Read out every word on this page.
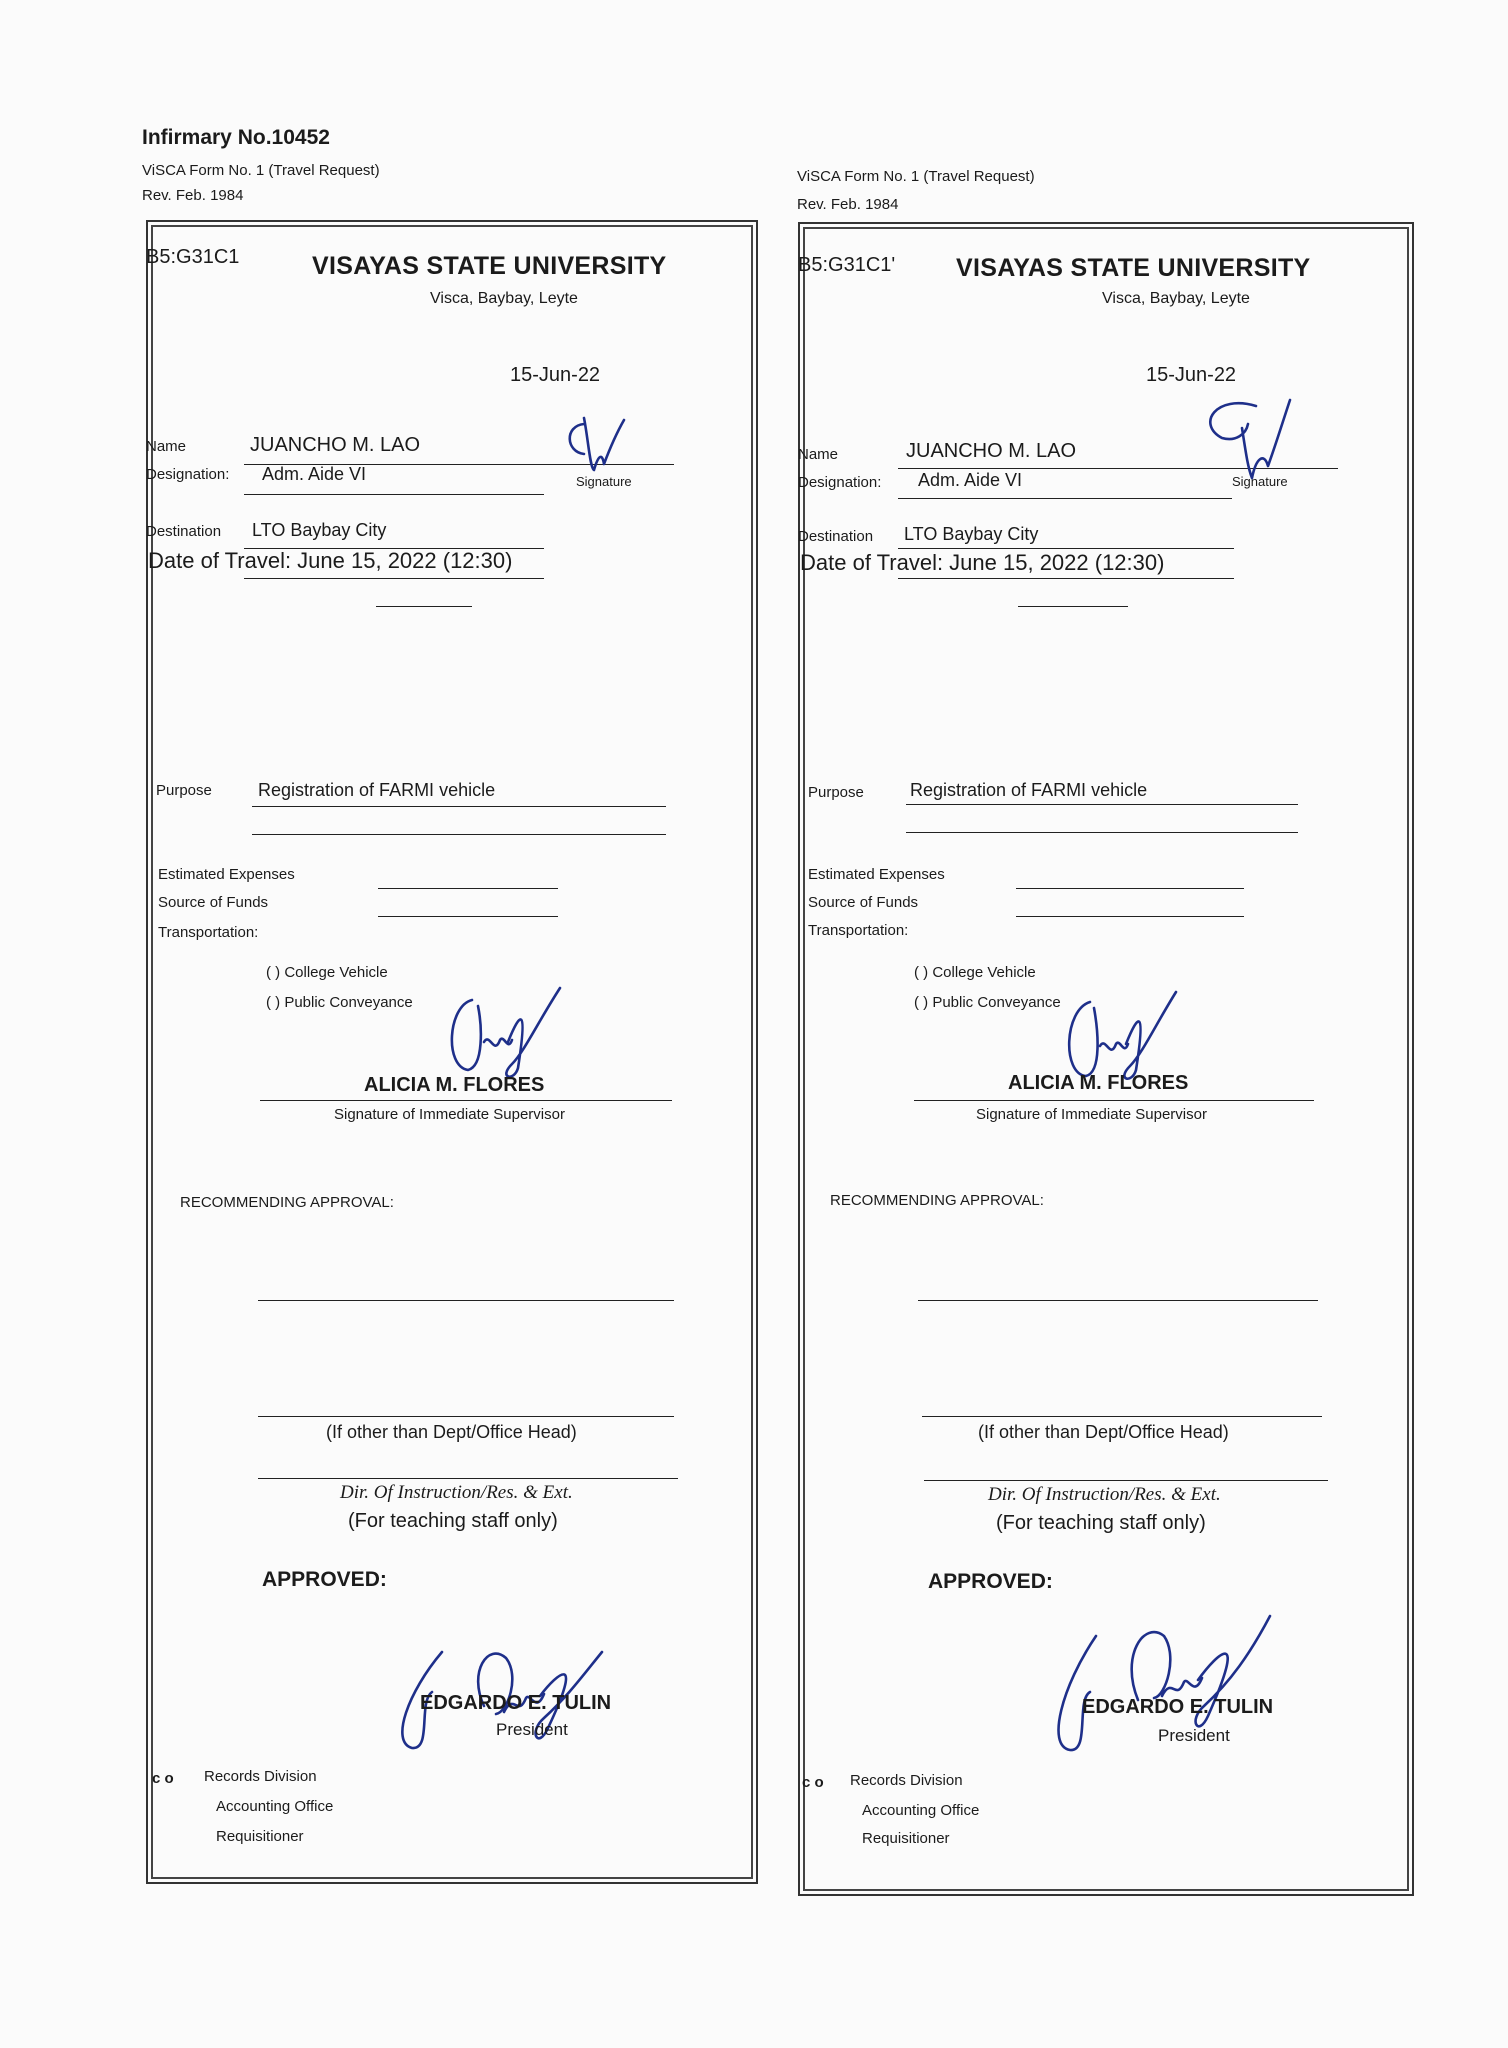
Infirmary No.10452
ViSCA Form No. 1 (Travel Request)
Rev. Feb. 1984
ViSCA Form No. 1 (Travel Request)
Rev. Feb. 1984
B5:G31C1	VISAYAS STATE UNIVERSITY
Visca, Baybay, Leyte
15-Jun-22
Name	JUANCHO M. LAO
Designation: Adm. Aide VI	Signature
Destination LTO Baybay City
Date of Travel: June 15, 2022 (12:30)
Purpose	Registration of FARMI vehicle
Estimated Expenses
Source of Funds
Transportation:
( ) College Vehicle
( ) Public Conveyance
ALICIA M. FLORES
Signature of Immediate Supervisor
RECOMMENDING APPROVAL:
(If other than Dept/Office Head)
Dir. Of Instruction/Res. & Ext.
(For teaching staff only)
APPROVED:
EDGARDO E. TULIN
President
c o Records Division
Accounting Office
Requisitioner
B5:G31C1' VISAYAS STATE UNIVERSITY
Visca, Baybay, Leyte
15-Jun-22
Name	JUANCHO M. LAO
Designation: Adm. Aide VI	Signature
Destination LTO Baybay City
Date of Travel: June 15, 2022 (12:30)
Purpose	Registration of FARMI vehicle
Estimated Expenses
Source of Funds
Transportation:
( ) College Vehicle
( ) Public Conveyance
ALICIA M. FLORES
Signature of Immediate Supervisor
RECOMMENDING APPROVAL:
(If other than Dept/Office Head)
Dir. Of Instruction/Res. & Ext.
(For teaching staff only)
APPROVED:
EDGARDO E. TULIN
President
c o Records Division
Accounting Office
Requisitioner
